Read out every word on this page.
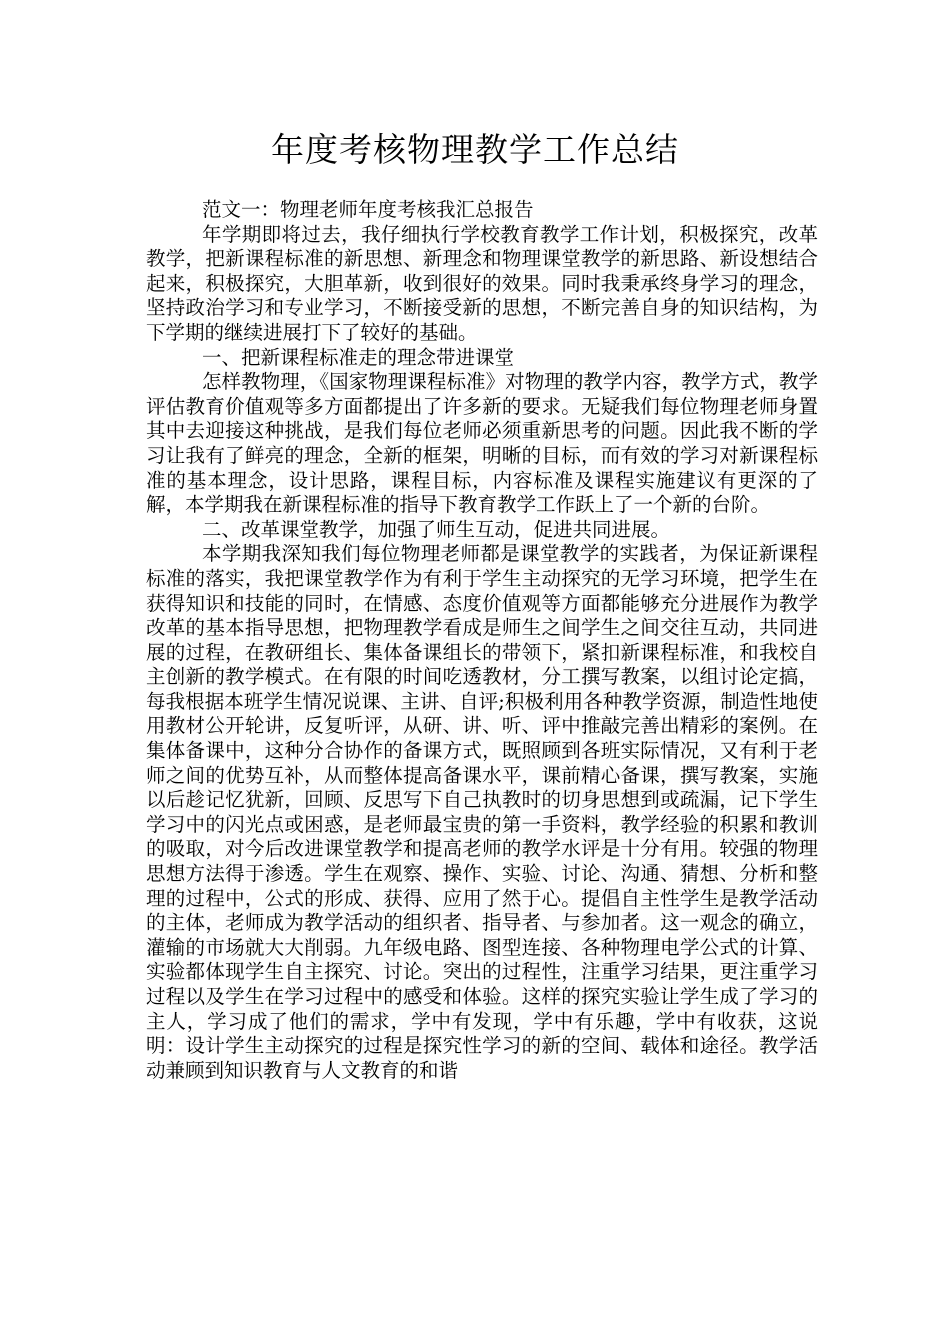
年度考核物理教学工作总结

范文一：物理老师年度考核我汇总报告

年学期即将过去，我仔细执行学校教育教学工作计划，积极探究，改革教学，把新课程标准的新思想、新理念和物理课堂教学的新思路、新设想结合起来，积极探究，大胆革新，收到很好的效果。同时我秉承终身学习的理念，坚持政治学习和专业学习，不断接受新的思想，不断完善自身的知识结构，为下学期的继续进展打下了较好的基础。

一、把新课程标准走的理念带进课堂

怎样教物理，《国家物理课程标准》对物理的教学内容，教学方式，教学评估教育价值观等多方面都提出了许多新的要求。无疑我们每位物理老师身置其中去迎接这种挑战，是我们每位老师必须重新思考的问题。因此我不断的学习让我有了鲜亮的理念，全新的框架，明晰的目标，而有效的学习对新课程标准的基本理念，设计思路，课程目标，内容标准及课程实施建议有更深的了解，本学期我在新课程标准的指导下教育教学工作跃上了一个新的台阶。

二、改革课堂教学，加强了师生互动，促进共同进展。

本学期我深知我们每位物理老师都是课堂教学的实践者，为保证新课程标准的落实，我把课堂教学作为有利于学生主动探究的无学习环境，把学生在获得知识和技能的同时，在情感、态度价值观等方面都能够充分进展作为教学改革的基本指导思想，把物理教学看成是师生之间学生之间交往互动，共同进展的过程，在教研组长、集体备课组长的带领下，紧扣新课程标准，和我校自主创新的教学模式。在有限的时间吃透教材，分工撰写教案，以组讨论定搞，每我根据本班学生情况说课、主讲、自评;积极利用各种教学资源，制造性地使用教材公开轮讲，反复听评，从研、讲、听、评中推敲完善出精彩的案例。在集体备课中，这种分合协作的备课方式，既照顾到各班实际情况，又有利于老师之间的优势互补，从而整体提高备课水平，课前精心备课，撰写教案，实施以后趁记忆犹新，回顾、反思写下自己执教时的切身思想到或疏漏，记下学生学习中的闪光点或困惑，是老师最宝贵的第一手资料，教学经验的积累和教训的吸取，对今后改进课堂教学和提高老师的教学水评是十分有用。较强的物理思想方法得于渗透。学生在观察、操作、实验、讨论、沟通、猜想、分析和整理的过程中，公式的形成、获得、应用了然于心。提倡自主性学生是教学活动的主体，老师成为教学活动的组织者、指导者、与参加者。这一观念的确立，灌输的市场就大大削弱。九年级电路、图型连接、各种物理电学公式的计算、实验都体现学生自主探究、讨论。突出的过程性，注重学习结果，更注重学习过程以及学生在学习过程中的感受和体验。这样的探究实验让学生成了学习的主人，学习成了他们的需求，学中有发现，学中有乐趣，学中有收获，这说明：设计学生主动探究的过程是探究性学习的新的空间、载体和途径。教学活动兼顾到知识教育与人文教育的和谐
